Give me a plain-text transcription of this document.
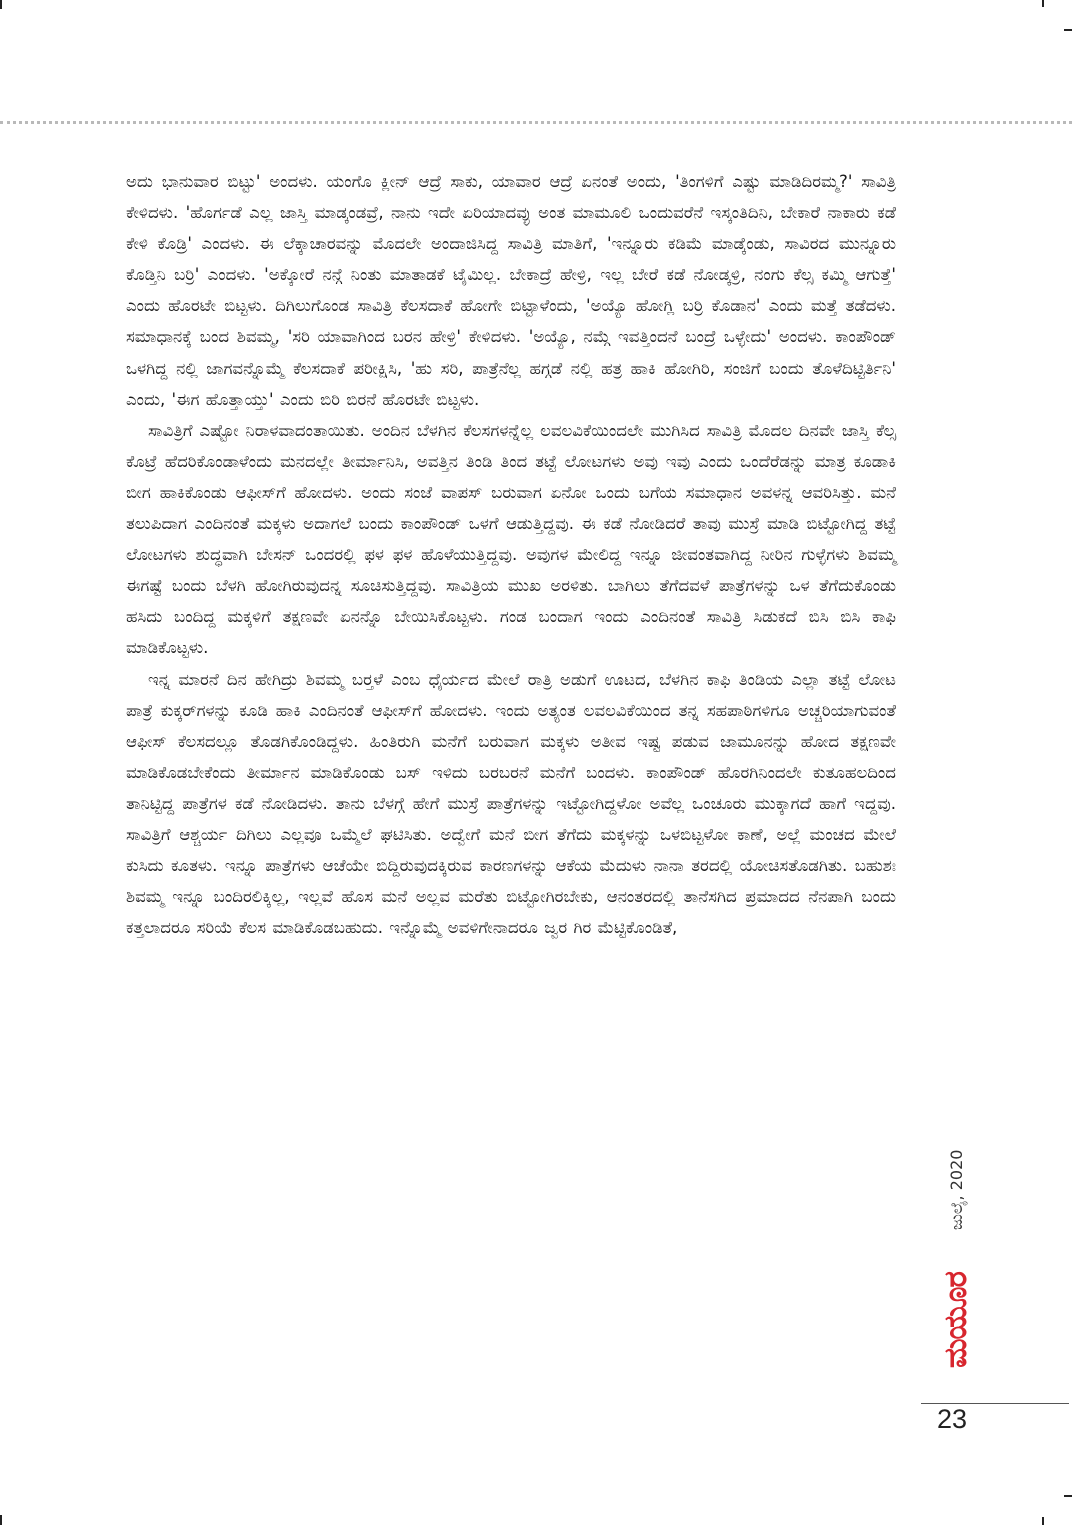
ಅದು ಭಾನುವಾರ ಬಿಟ್ಟು' ಅಂದಳು. ಯಂಗೊ ಕ್ಲೀನ್ ಆದ್ರೆ ಸಾಕು, ಯಾವಾರ ಆದ್ರೆ ಏನಂತೆ ಅಂದು, 'ತಿಂಗಳಿಗೆ ಎಷ್ಟು ಮಾಡಿದಿರಮ್ಮ?' ಸಾವಿತ್ರಿ ಕೇಳಿದಳು. 'ಹೊರ್ಗಡೆ ಎಲ್ಲ ಜಾಸ್ತಿ ಮಾಡ್ಕಂಡವ್ರೆ, ನಾನು ಇದೇ ಏರಿಯಾದವ್ಳು ಅಂತ ಮಾಮೂಲಿ ಒಂದುವರೆನೆ ಇಸ್ಕಂತಿದಿನಿ, ಬೇಕಾರೆ ನಾಕಾರು ಕಡೆ ಕೇಳಿ ಕೊಡ್ರಿ' ಎಂದಳು. ಈ ಲೆಕ್ಕಾಚಾರವನ್ನು ಮೊದಲೇ ಅಂದಾಜಿಸಿದ್ದ ಸಾವಿತ್ರಿ ಮಾತಿಗೆ, 'ಇನ್ನೂರು ಕಡಿಮೆ ಮಾಡ್ಕೆಂಡು, ಸಾವಿರದ ಮುನ್ನೂರು ಕೊಡ್ತಿನಿ ಬರ್ರಿ' ಎಂದಳು. 'ಅಕ್ಕೋರೆ ನನ್ಗೆ ನಿಂತು ಮಾತಾಡಕೆ ಟೈಮಿಲ್ಲ. ಬೇಕಾದ್ರೆ ಹೇಳ್ರಿ, ಇಲ್ಲ ಬೇರೆ ಕಡೆ ನೋಡ್ಕಳ್ರಿ, ನಂಗು ಕೆಲ್ಸ ಕಮ್ಮಿ ಆಗುತ್ತೆ' ಎಂದು ಹೊರಟೇ ಬಿಟ್ಟಳು. ದಿಗಿಲುಗೊಂಡ ಸಾವಿತ್ರಿ ಕೆಲಸದಾಕೆ ಹೋಗೇ ಬಿಟ್ಟಾಳೆಂದು, 'ಅಯ್ಯೊ ಹೋಗ್ಲಿ ಬರ್ರಿ ಕೊಡಾನ' ಎಂದು ಮತ್ತೆ ತಡೆದಳು. ಸಮಾಧಾನಕ್ಕೆ ಬಂದ ಶಿವಮ್ಮ, 'ಸರಿ ಯಾವಾಗಿಂದ ಬರನ ಹೇಳ್ರಿ' ಕೇಳಿದಳು. 'ಅಯ್ಯೊ, ನಮ್ಗೆ ಇವತ್ತಿಂದನೆ ಬಂದ್ರೆ ಒಳ್ಳೇದು' ಅಂದಳು. ಕಾಂಪೌಂಡ್ ಒಳಗಿದ್ದ ನಲ್ಲಿ ಜಾಗವನ್ನೊಮ್ಮೆ ಕೆಲಸದಾಕೆ ಪರೀಕ್ಷಿಸಿ, 'ಹು ಸರಿ, ಪಾತ್ರೆನೆಲ್ಲ ಹಗ್ಗಡೆ ನಲ್ಲಿ ಹತ್ರ ಹಾಕಿ ಹೋಗಿರಿ, ಸಂಜಿಗೆ ಬಂದು ತೊಳೆದಿಟ್ಟಿರ್ತಿನಿ' ಎಂದು, 'ಈಗ ಹೊತ್ತಾಯ್ತು' ಎಂದು ಬಿರಿ ಬಿರನೆ ಹೊರಟೇ ಬಿಟ್ಟಳು.

ಸಾವಿತ್ರಿಗೆ ಎಷ್ಟೋ ನಿರಾಳವಾದಂತಾಯಿತು. ಅಂದಿನ ಬೆಳಗಿನ ಕೆಲಸಗಳನ್ನೆಲ್ಲ ಲವಲವಿಕೆಯಿಂದಲೇ ಮುಗಿಸಿದ ಸಾವಿತ್ರಿ ಮೊದಲ ದಿನವೇ ಜಾಸ್ತಿ ಕೆಲ್ಸ ಕೊಟ್ರೆ ಹೆದರಿಕೊಂಡಾಳೆಂದು ಮನದಲ್ಲೇ ತೀರ್ಮಾನಿಸಿ, ಅವತ್ತಿನ ತಿಂಡಿ ತಿಂದ ತಟ್ಟೆ ಲೋಟಗಳು ಅವು ಇವು ಎಂದು ಒಂದೆರೆಡನ್ನು ಮಾತ್ರ ಕೂಡಾಕಿ ಬೀಗ ಹಾಕಿಕೊಂಡು ಆಫೀಸ್‌ಗೆ ಹೋದಳು. ಅಂದು ಸಂಜೆ ವಾಪಸ್ ಬರುವಾಗ ಏನೋ ಒಂದು ಬಗೆಯ ಸಮಾಧಾನ ಅವಳನ್ನ ಆವರಿಸಿತ್ತು. ಮನೆ ತಲುಪಿದಾಗ ಎಂದಿನಂತೆ ಮಕ್ಕಳು ಅದಾಗಲೆ ಬಂದು ಕಾಂಪೌಂಡ್ ಒಳಗೆ ಆಡುತ್ತಿದ್ದವು. ಈ ಕಡೆ ನೋಡಿದರೆ ತಾವು ಮುಸ್ರೆ ಮಾಡಿ ಬಿಟ್ಟೋಗಿದ್ದ ತಟ್ಟೆ ಲೋಟಗಳು ಶುದ್ಧವಾಗಿ ಬೇಸನ್ ಒಂದರಲ್ಲಿ ಫಳ ಫಳ ಹೊಳೆಯುತ್ತಿದ್ದವು. ಅವುಗಳ ಮೇಲಿದ್ದ ಇನ್ನೂ ಜೀವಂತವಾಗಿದ್ದ ನೀರಿನ ಗುಳ್ಳೆಗಳು ಶಿವಮ್ಮ ಈಗಷ್ಟೆ ಬಂದು ಬೆಳಗಿ ಹೋಗಿರುವುದನ್ನ ಸೂಚಿಸುತ್ತಿದ್ದವು. ಸಾವಿತ್ರಿಯ ಮುಖ ಅರಳಿತು. ಬಾಗಿಲು ತೆಗೆದವಳೆ ಪಾತ್ರೆಗಳನ್ನು ಒಳ ತೆಗೆದುಕೊಂಡು ಹಸಿದು ಬಂದಿದ್ದ ಮಕ್ಕಳಿಗೆ ತಕ್ಷಣವೇ ಏನನ್ನೊ ಬೇಯಿಸಿಕೊಟ್ಟಳು. ಗಂಡ ಬಂದಾಗ ಇಂದು ಎಂದಿನಂತೆ ಸಾವಿತ್ರಿ ಸಿಡುಕದೆ ಬಿಸಿ ಬಿಸಿ ಕಾಫಿ ಮಾಡಿಕೊಟ್ಟಳು.

ಇನ್ನ ಮಾರನೆ ದಿನ ಹೇಗಿದ್ರು ಶಿವಮ್ಮ ಬರ್‍ತಳೆ ಎಂಬ ಧೈರ್ಯದ ಮೇಲೆ ರಾತ್ರಿ ಅಡುಗೆ ಊಟದ, ಬೆಳಗಿನ ಕಾಫಿ ತಿಂಡಿಯ ಎಲ್ಲಾ ತಟ್ಟೆ ಲೋಟ ಪಾತ್ರೆ ಕುಕ್ಕರ್‌ಗಳನ್ನು ಕೂಡಿ ಹಾಕಿ ಎಂದಿನಂತೆ ಆಫೀಸ್‌ಗೆ ಹೋದಳು. ಇಂದು ಅತ್ಯಂತ ಲವಲವಿಕೆಯಿಂದ ತನ್ನ ಸಹಪಾಠಿಗಳಿಗೂ ಅಚ್ಚರಿಯಾಗುವಂತೆ ಆಫೀಸ್ ಕೆಲಸದಲ್ಲೂ ತೊಡಗಿಕೊಂಡಿದ್ದಳು. ಹಿಂತಿರುಗಿ ಮನೆಗೆ ಬರುವಾಗ ಮಕ್ಕಳು ಅತೀವ ಇಷ್ಟ ಪಡುವ ಜಾಮೂನನ್ನು ಹೋದ ತಕ್ಷಣವೇ ಮಾಡಿಕೊಡಬೇಕೆಂದು ತೀರ್ಮಾನ ಮಾಡಿಕೊಂಡು ಬಸ್ ಇಳಿದು ಬರಬರನೆ ಮನೆಗೆ ಬಂದಳು. ಕಾಂಪೌಂಡ್ ಹೊರಗಿನಿಂದಲೇ ಕುತೂಹಲದಿಂದ ತಾನಿಟ್ಟಿದ್ದ ಪಾತ್ರೆಗಳ ಕಡೆ ನೋಡಿದಳು. ತಾನು ಬೆಳಗ್ಗೆ ಹೇಗೆ ಮುಸ್ರೆ ಪಾತ್ರೆಗಳನ್ನು ಇಟ್ಟೋಗಿದ್ದಳೋ ಅವೆಲ್ಲ ಒಂಚೂರು ಮುಕ್ಕಾಗದೆ ಹಾಗೆ ಇದ್ದವು. ಸಾವಿತ್ರಿಗೆ ಆಶ್ಚರ್ಯ ದಿಗಿಲು ಎಲ್ಲವೂ ಒಮ್ಮೆಲೆ ಘಟಿಸಿತು. ಅದ್ವೇಗೆ ಮನೆ ಬೀಗ ತೆಗೆದು ಮಕ್ಕಳನ್ನು ಒಳಬಿಟ್ಟಳೋ ಕಾಣೆ, ಅಲ್ಲೆ ಮಂಚದ ಮೇಲೆ ಕುಸಿದು ಕೂತಳು. ಇನ್ನೂ ಪಾತ್ರೆಗಳು ಆಚೆಯೇ ಬಿದ್ದಿರುವುದಕ್ಕಿರುವ ಕಾರಣಗಳನ್ನು ಆಕೆಯ ಮೆದುಳು ನಾನಾ ತರದಲ್ಲಿ ಯೋಚಿಸತೊಡಗಿತು. ಬಹುಶಃ ಶಿವಮ್ಮ ಇನ್ನೂ ಬಂದಿರಲಿಕ್ಕಿಲ್ಲ, ಇಲ್ಲವೆ ಹೊಸ ಮನೆ ಅಲ್ಲವ ಮರೆತು ಬಿಟ್ಟೋಗಿರಬೇಕು, ಆನಂತರದಲ್ಲಿ ತಾನೆಸಗಿದ ಪ್ರಮಾದದ ನೆನಪಾಗಿ ಬಂದು ಕತ್ತಲಾದರೂ ಸರಿಯೆ ಕೆಲಸ ಮಾಡಿಕೊಡಬಹುದು. ಇನ್ನೊಮ್ಮೆ ಅವಳಿಗೇನಾದರೂ ಜ್ವರ ಗಿರ ಮೆಟ್ಟಿಕೊಂಡಿತೆ,

ಜುಲೈ, 2020
ಮಯೂರ
23
